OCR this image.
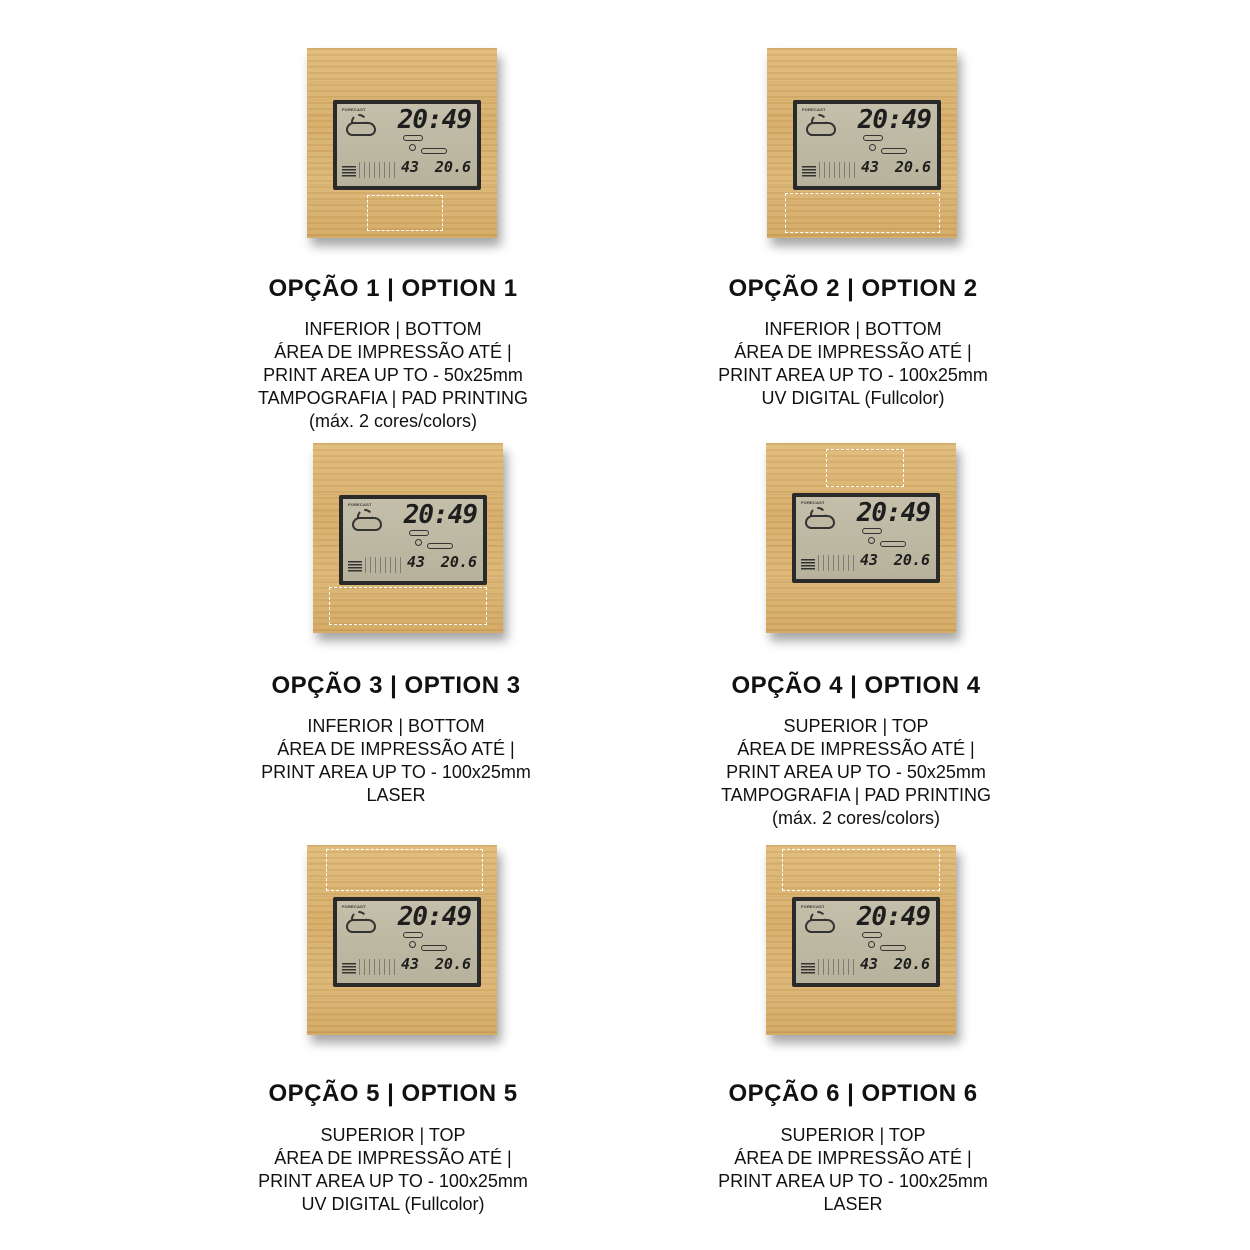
FORECAST 20:49
43 20.6
OPÇÃO 1 | OPTION 1
INFERIOR | BOTTOM
ÁREA DE IMPRESSÃO ATÉ |
PRINT AREA UP TO - 50x25mm
TAMPOGRAFIA | PAD PRINTING
(máx. 2 cores/colors)
FORECAST 20:49
43 20.6
OPÇÃO 2 | OPTION 2
INFERIOR | BOTTOM
ÁREA DE IMPRESSÃO ATÉ |
PRINT AREA UP TO - 100x25mm
UV DIGITAL (Fullcolor)
FORECAST 20:49
43 20.6
OPÇÃO 3 | OPTION 3
INFERIOR | BOTTOM
ÁREA DE IMPRESSÃO ATÉ |
PRINT AREA UP TO - 100x25mm
LASER
FORECAST 20:49
43 20.6
OPÇÃO 4 | OPTION 4
SUPERIOR | TOP
ÁREA DE IMPRESSÃO ATÉ |
PRINT AREA UP TO - 50x25mm
TAMPOGRAFIA | PAD PRINTING
(máx. 2 cores/colors)
FORECAST 20:49
43 20.6
OPÇÃO 5 | OPTION 5
SUPERIOR | TOP
ÁREA DE IMPRESSÃO ATÉ |
PRINT AREA UP TO - 100x25mm
UV DIGITAL (Fullcolor)
FORECAST 20:49
43 20.6
OPÇÃO 6 | OPTION 6
SUPERIOR | TOP
ÁREA DE IMPRESSÃO ATÉ |
PRINT AREA UP TO - 100x25mm
LASER
